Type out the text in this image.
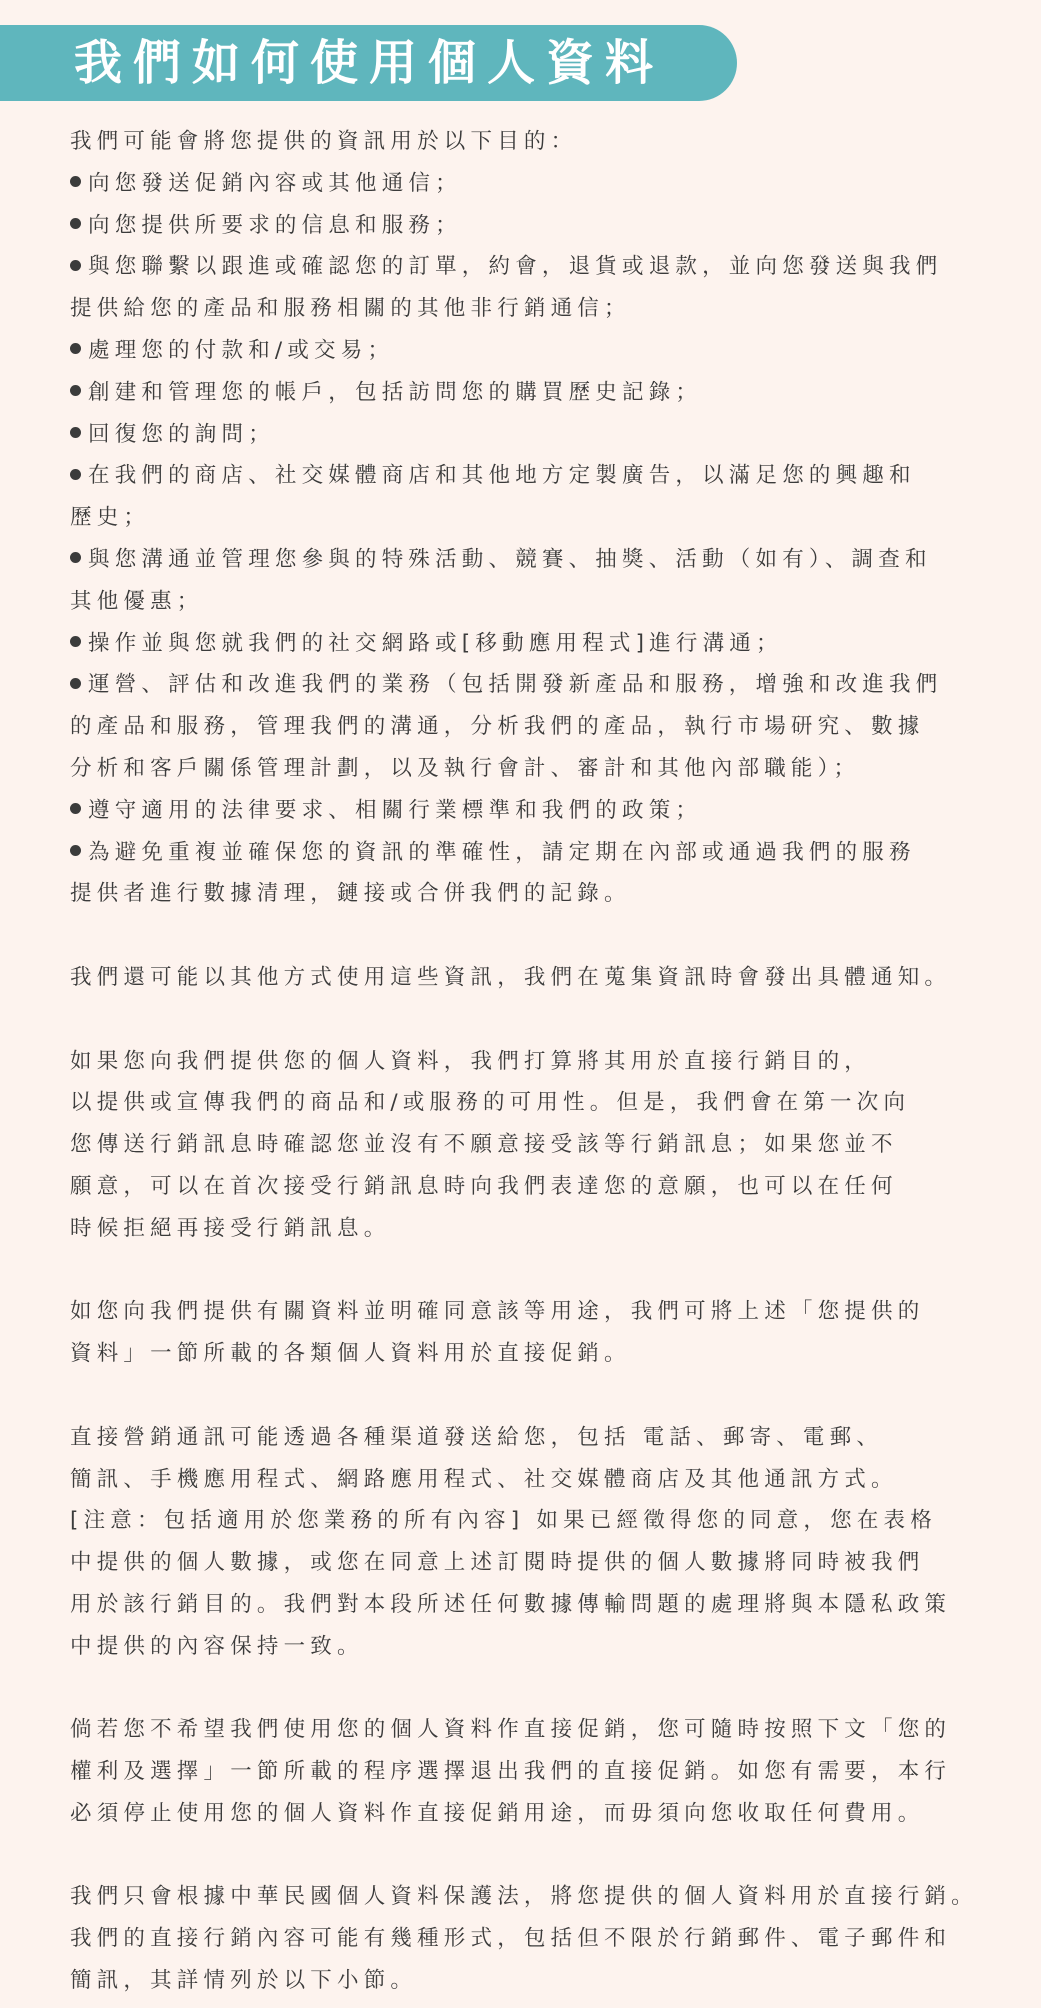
我們如何使用個人資料
我們可能會將您提供的資訊用於以下目的：
向您發送促銷內容或其他通信；
向您提供所要求的信息和服務；
與您聯繫以跟進或確認您的訂單，約會，退貨或退款，並向您發送與我們
提供給您的產品和服務相關的其他非行銷通信；
處理您的付款和/或交易；
創建和管理您的帳戶，包括訪問您的購買歷史記錄；
回復您的詢問；
在我們的商店、社交媒體商店和其他地方定製廣告，以滿足您的興趣和
歷史；
與您溝通並管理您參與的特殊活動、競賽、抽獎、活動（如有）、調查和
其他優惠；
操作並與您就我們的社交網路或[移動應用程式]進行溝通；
運營、評估和改進我們的業務（包括開發新產品和服務，增強和改進我們
的產品和服務，管理我們的溝通，分析我們的產品，執行市場研究、數據
分析和客戶關係管理計劃，以及執行會計、審計和其他內部職能）；
遵守適用的法律要求、相關行業標準和我們的政策；
為避免重複並確保您的資訊的準確性，請定期在內部或通過我們的服務
提供者進行數據清理，鏈接或合併我們的記錄。
我們還可能以其他方式使用這些資訊，我們在蒐集資訊時會發出具體通知。
如果您向我們提供您的個人資料，我們打算將其用於直接行銷目的，
以提供或宣傳我們的商品和/或服務的可用性。但是，我們會在第一次向
您傳送行銷訊息時確認您並沒有不願意接受該等行銷訊息；如果您並不
願意，可以在首次接受行銷訊息時向我們表達您的意願，也可以在任何
時候拒絕再接受行銷訊息。
如您向我們提供有關資料並明確同意該等用途，我們可將上述「您提供的
資料」一節所載的各類個人資料用於直接促銷。
直接營銷通訊可能透過各種渠道發送給您，包括 電話、郵寄、電郵、
簡訊、手機應用程式、網路應用程式、社交媒體商店及其他通訊方式。
[注意：包括適用於您業務的所有內容] 如果已經徵得您的同意，您在表格
中提供的個人數據，或您在同意上述訂閱時提供的個人數據將同時被我們
用於該行銷目的。我們對本段所述任何數據傳輸問題的處理將與本隱私政策
中提供的內容保持一致。
倘若您不希望我們使用您的個人資料作直接促銷，您可隨時按照下文「您的
權利及選擇」一節所載的程序選擇退出我們的直接促銷。如您有需要，本行
必須停止使用您的個人資料作直接促銷用途，而毋須向您收取任何費用。
我們只會根據中華民國個人資料保護法，將您提供的個人資料用於直接行銷。
我們的直接行銷內容可能有幾種形式，包括但不限於行銷郵件、電子郵件和
簡訊，其詳情列於以下小節。
